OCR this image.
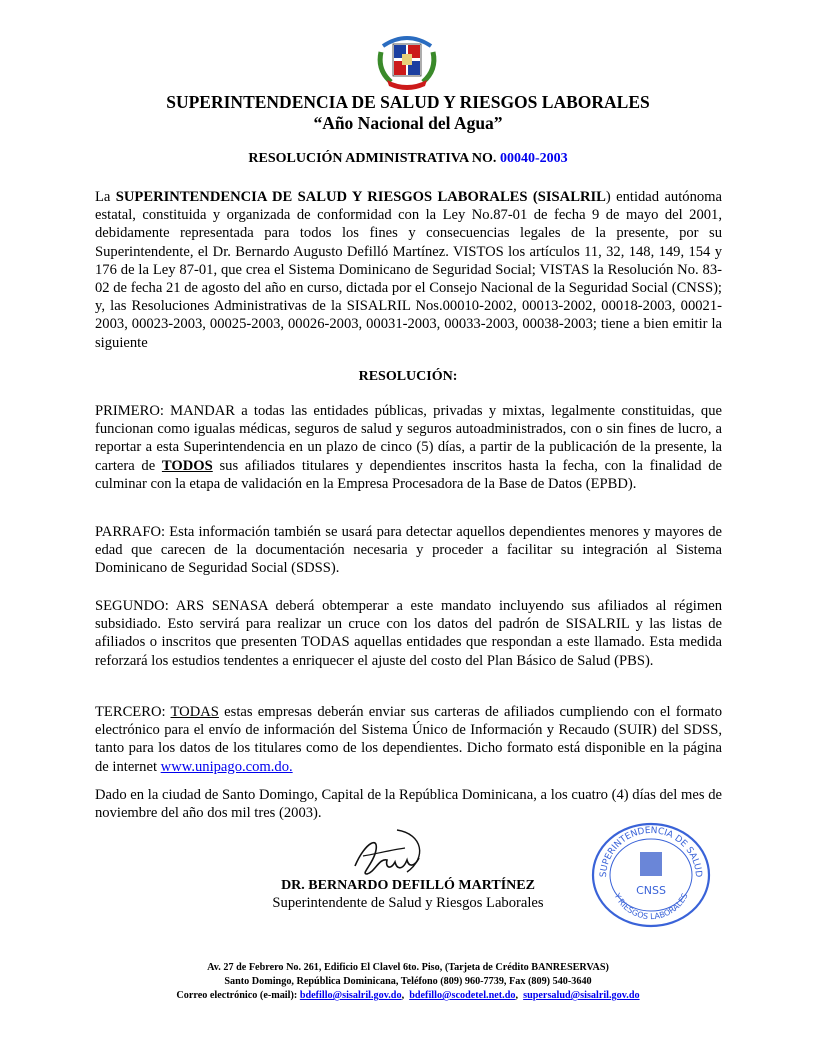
SUPERINTENDENCIA DE SALUD Y RIESGOS LABORALES
“Año Nacional del Agua”
RESOLUCIÓN ADMINISTRATIVA NO. 00040-2003
La SUPERINTENDENCIA DE SALUD Y RIESGOS LABORALES (SISALRIL) entidad autónoma estatal, constituida y organizada de conformidad con la Ley No.87-01 de fecha 9 de mayo del 2001, debidamente representada para todos los fines y consecuencias legales de la presente, por su Superintendente, el Dr. Bernardo Augusto Defilló Martínez. VISTOS los artículos 11, 32, 148, 149, 154 y 176 de la Ley 87-01, que crea el Sistema Dominicano de Seguridad Social; VISTAS la Resolución No. 83-02 de fecha 21 de agosto del año en curso, dictada por el Consejo Nacional de la Seguridad Social (CNSS); y, las Resoluciones Administrativas de la SISALRIL Nos.00010-2002, 00013-2002, 00018-2003, 00021-2003, 00023-2003, 00025-2003, 00026-2003, 00031-2003, 00033-2003, 00038-2003; tiene a bien emitir la siguiente
RESOLUCIÓN:
PRIMERO: MANDAR a todas las entidades públicas, privadas y mixtas, legalmente constituidas, que funcionan como igualas médicas, seguros de salud y seguros autoadministrados, con o sin fines de lucro, a reportar a esta Superintendencia en un plazo de cinco (5) días, a partir de la publicación de la presente, la cartera de TODOS sus afiliados titulares y dependientes inscritos hasta la fecha, con la finalidad de culminar con la etapa de validación en la Empresa Procesadora de la Base de Datos (EPBD).
PARRAFO: Esta información también se usará para detectar aquellos dependientes menores y mayores de edad que carecen de la documentación necesaria y proceder a facilitar su integración al Sistema Dominicano de Seguridad Social (SDSS).
SEGUNDO: ARS SENASA deberá obtemperar a este mandato incluyendo sus afiliados al régimen subsidiado. Esto servirá para realizar un cruce con los datos del padrón de SISALRIL y las listas de afiliados o inscritos que presenten TODAS aquellas entidades que respondan a este llamado. Esta medida reforzará los estudios tendentes a enriquecer el ajuste del costo del Plan Básico de Salud (PBS).
TERCERO: TODAS estas empresas deberán enviar sus carteras de afiliados cumpliendo con el formato electrónico para el envío de información del Sistema Único de Información y Recaudo (SUIR) del SDSS, tanto para los datos de los titulares como de los dependientes. Dicho formato está disponible en la página de internet www.unipago.com.do.
Dado en la ciudad de Santo Domingo, Capital de la República Dominicana, a los cuatro (4) días del mes de noviembre del año dos mil tres (2003).
SUPERINTENDENCIA DE SALUD
Y RIESGOS LABORALES
CNSS
DR. BERNARDO DEFILLÓ MARTÍNEZ
Superintendente de Salud y Riesgos Laborales
Av. 27 de Febrero No. 261, Edificio El Clavel 6to. Piso, (Tarjeta de Crédito BANRESERVAS)
Santo Domingo, República Dominicana, Teléfono (809) 960-7739, Fax (809) 540-3640
Correo electrónico (e-mail): bdefillo@sisalril.gov.do,  bdefillo@scodetel.net.do,  supersalud@sisalril.gov.do
